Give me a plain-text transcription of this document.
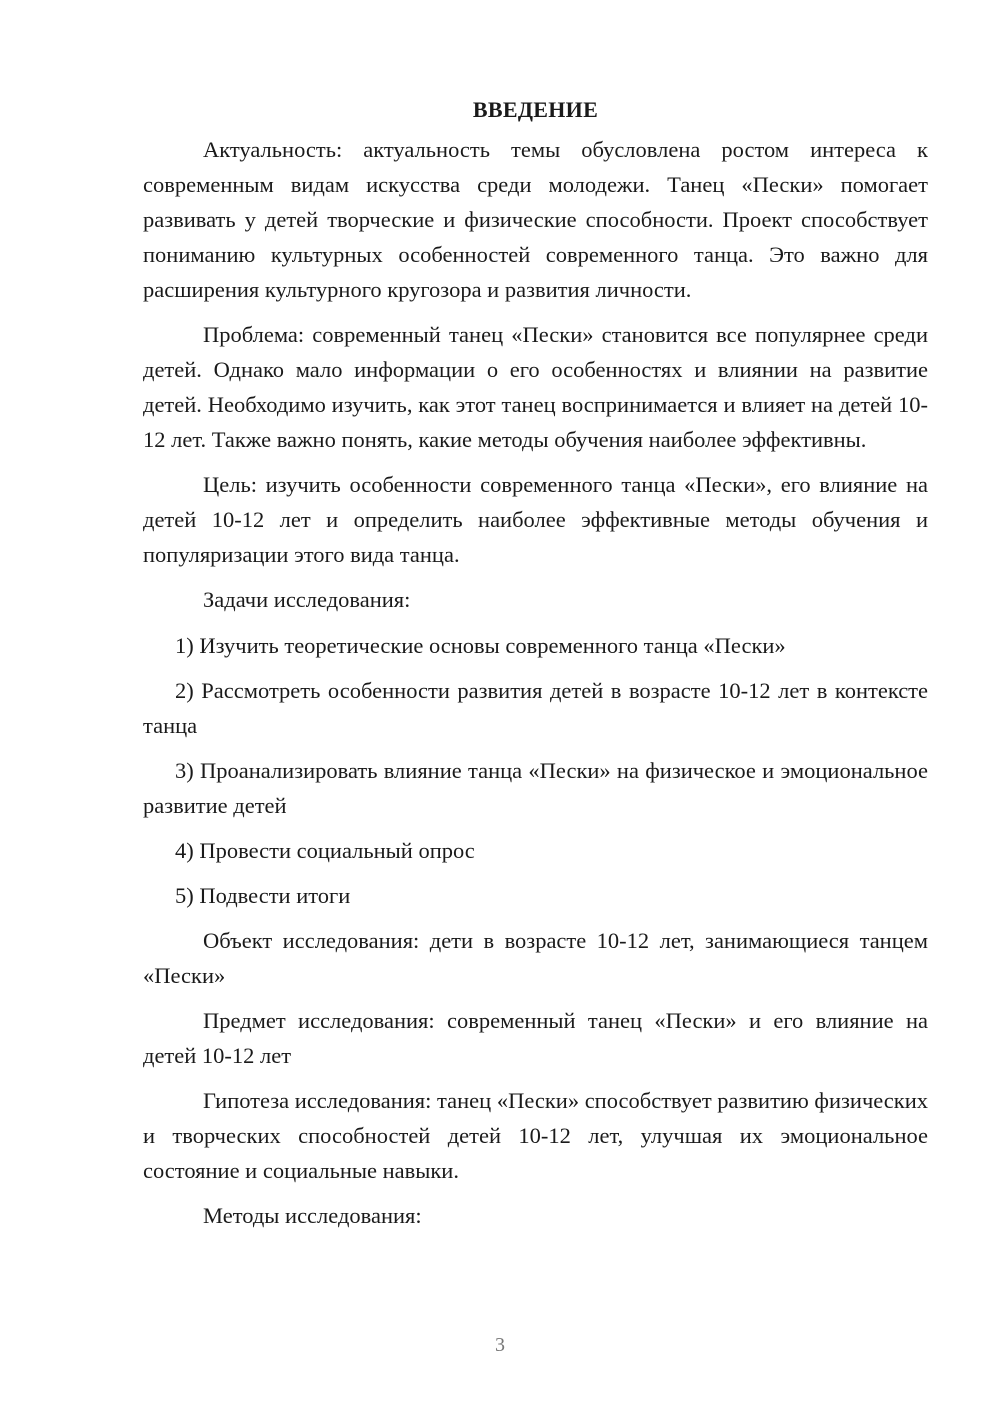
ВВЕДЕНИЕ

Актуальность: актуальность темы обусловлена ростом интереса к современным видам искусства среди молодежи. Танец «Пески» помогает развивать у детей творческие и физические способности. Проект способствует пониманию культурных особенностей современного танца. Это важно для расширения культурного кругозора и развития личности.

Проблема: современный танец «Пески» становится все популярнее среди детей. Однако мало информации о его особенностях и влиянии на развитие детей. Необходимо изучить, как этот танец воспринимается и влияет на детей 10-12 лет. Также важно понять, какие методы обучения наиболее эффективны.

Цель: изучить особенности современного танца «Пески», его влияние на детей 10-12 лет и определить наиболее эффективные методы обучения и популяризации этого вида танца.

Задачи исследования:

1) Изучить теоретические основы современного танца «Пески»

2) Рассмотреть особенности развития детей в возрасте 10-12 лет в контексте танца

3) Проанализировать влияние танца «Пески» на физическое и эмоциональное развитие детей

4) Провести социальный опрос

5) Подвести итоги

Объект исследования: дети в возрасте 10-12 лет, занимающиеся танцем «Пески»

Предмет исследования: современный танец «Пески» и его влияние на детей 10-12 лет

Гипотеза исследования: танец «Пески» способствует развитию физических и творческих способностей детей 10-12 лет, улучшая их эмоциональное состояние и социальные навыки.

Методы исследования:

3
